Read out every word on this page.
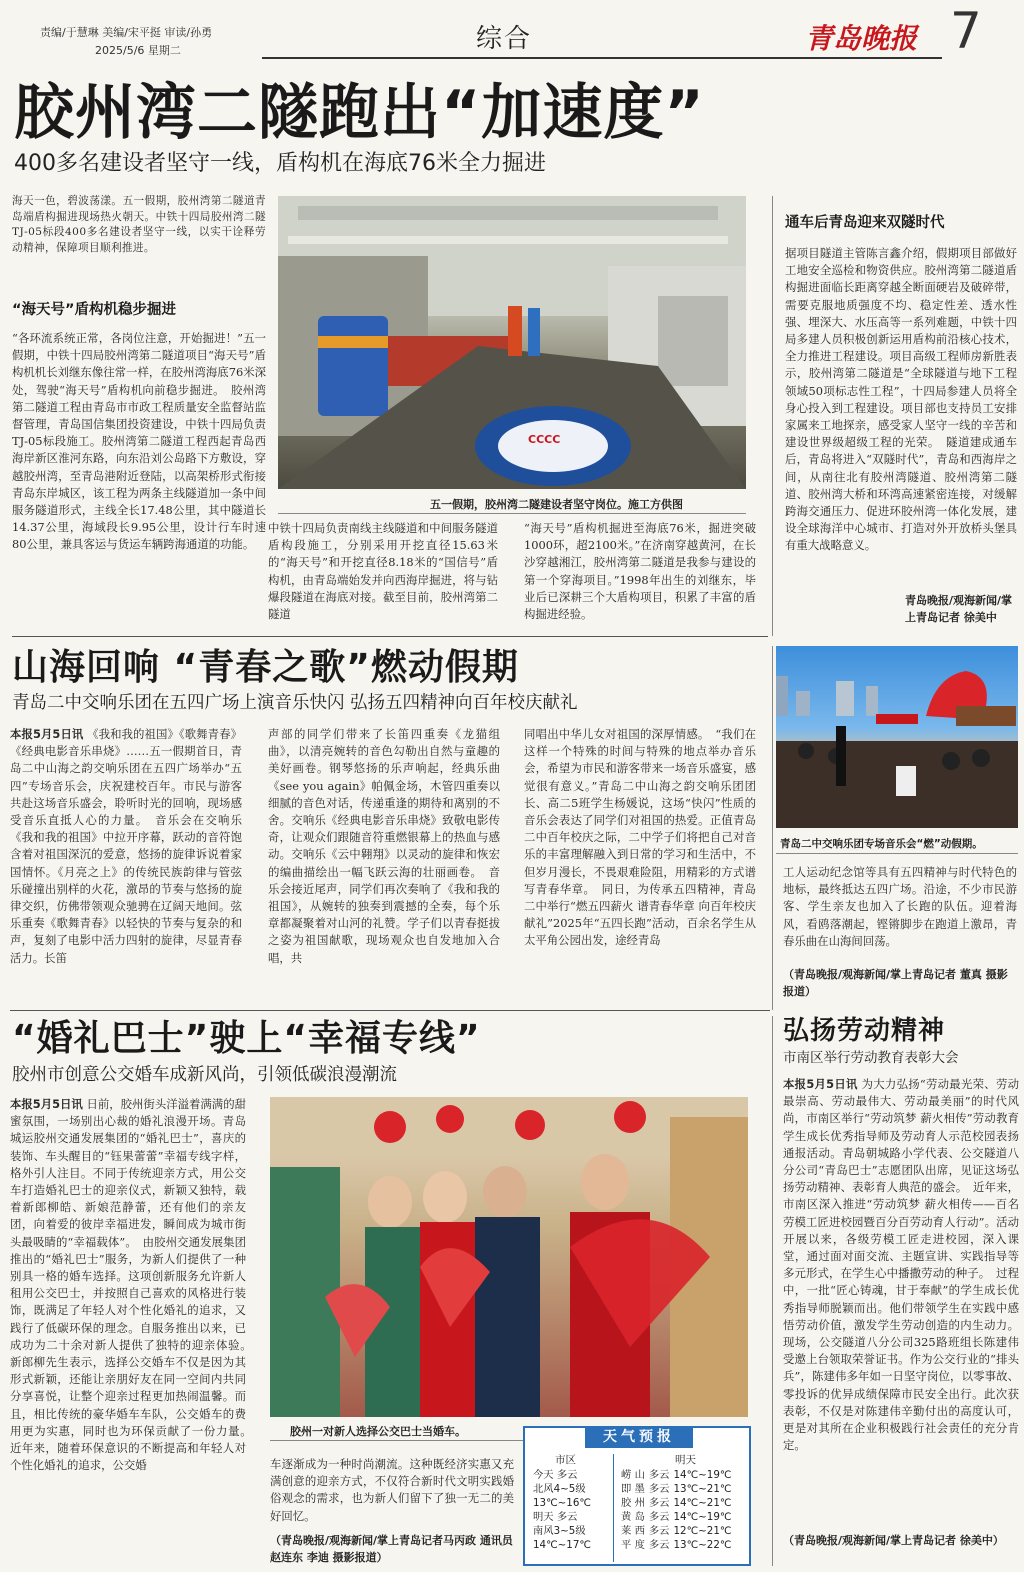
责编/于慧琳 美编/宋平挺 审读/孙勇
2025/5/6 星期二	综合	青岛晚报 7
胶州湾二隧跑出“加速度”
400多名建设者坚守一线，盾构机在海底76米全力掘进
海天一色，碧波荡漾。五一假期，胶州湾第二隧道青岛端盾构掘进现场热火朝天。中铁十四局胶州湾二隧TJ-05标段400多名建设者坚守一线，以实干诠释劳动精神，保障项目顺利推进。
“海天号”盾构机稳步掘进
“各环流系统正常，各岗位注意，开始掘进！”五一假期，中铁十四局胶州湾第二隧道项目“海天号”盾构机机长刘继东像往常一样，在胶州湾海底76米深处，驾驶“海天号”盾构机向前稳步掘进。　胶州湾第二隧道工程由青岛市市政工程质量安全监督站监督管理，青岛国信集团投资建设，中铁十四局负责TJ-05标段施工。胶州湾第二隧道工程西起青岛西海岸新区淮河东路，向东沿刘公岛路下方敷设，穿越胶州湾，至青岛港附近登陆，以高架桥形式衔接青岛东岸城区，该工程为两条主线隧道加一条中间服务隧道形式，主线全长17.48公里，其中隧道长14.37公里，海域段长9.95公里，设计行车时速80公里，兼具客运与货运车辆跨海通道的功能。
CCCC
五一假期，胶州湾二隧建设者坚守岗位。施工方供图
中铁十四局负责南线主线隧道和中间服务隧道盾构段施工，分别采用开挖直径15.63米的“海天号”和开挖直径8.18米的“国信号”盾构机，由青岛端始发并向西海岸掘进，将与钻爆段隧道在海底对接。截至目前，胶州湾第二隧道
“海天号”盾构机掘进至海底76米，掘进突破1000环，超2100米。”在济南穿越黄河，在长沙穿越湘江，胶州湾第二隧道是我参与建设的第一个穿海项目。”1998年出生的刘继东，毕业后已深耕三个大盾构项目，积累了丰富的盾构掘进经验。
通车后青岛迎来双隧时代
据项目隧道主管陈言鑫介绍，假期项目部做好工地安全巡检和物资供应。胶州湾第二隧道盾构掘进面临长距离穿越全断面硬岩及破碎带，需要克服地质强度不均、稳定性差、透水性强、埋深大、水压高等一系列难题，中铁十四局多建人员积极创新运用盾构前沿核心技术，全力推进工程建设。项目高级工程师房新胜表示，胶州湾第二隧道是“全球隧道与地下工程领域50项标志性工程”，十四局参建人员将全身心投入到工程建设。项目部也支持员工安排家属来工地探亲，感受家人坚守一线的辛苦和建设世界级超级工程的光荣。　隧道建成通车后，青岛将进入“双隧时代”，青岛和西海岸之间，从南往北有胶州湾隧道、胶州湾第二隧道、胶州湾大桥和环湾高速紧密连接，对缓解跨海交通压力、促进环胶州湾一体化发展，建设全球海洋中心城市、打造对外开放桥头堡具有重大战略意义。
青岛晚报/观海新闻/掌上青岛记者 徐美中
山海回响 “青春之歌”燃动假期
青岛二中交响乐团在五四广场上演音乐快闪 弘扬五四精神向百年校庆献礼
本报5月5日讯 《我和我的祖国》《歌舞青春》《经典电影音乐串烧》……五一假期首日，青岛二中山海之韵交响乐团在五四广场举办“五四”专场音乐会，庆祝建校百年。市民与游客共赴这场音乐盛会，聆听时光的回响，现场感受音乐直抵人心的力量。　音乐会在交响乐《我和我的祖国》中拉开序幕，跃动的音符饱含着对祖国深沉的爱意，悠扬的旋律诉说着家国情怀。《月亮之上》的传统民族韵律与管弦乐碰撞出别样的火花，激昂的节奏与悠扬的旋律交织，仿佛带领观众驰骋在辽阔天地间。弦乐重奏《歌舞青春》以轻快的节奏与复杂的和声，复刻了电影中活力四射的旋律，尽显青春活力。长笛
声部的同学们带来了长笛四重奏《龙猫组曲》，以清亮婉转的音色勾勒出自然与童趣的美好画卷。钢琴悠扬的乐声响起，经典乐曲《see you again》帕佩金场，木管四重奏以细腻的音色对话，传递重逢的期待和离别的不舍。交响乐《经典电影音乐串烧》致敬电影传奇，让观众们跟随音符重燃银幕上的热血与感动。交响乐《云中翱翔》以灵动的旋律和恢宏的编曲描绘出一幅飞跃云海的壮丽画卷。　音乐会接近尾声，同学们再次奏响了《我和我的祖国》，从婉转的独奏到震撼的全奏，每个乐章都凝聚着对山河的礼赞。学子们以青春挺拔之姿为祖国献歌，现场观众也自发地加入合唱，共
同唱出中华儿女对祖国的深厚情感。　“我们在这样一个特殊的时间与特殊的地点举办音乐会，希望为市民和游客带来一场音乐盛宴，感觉很有意义。”青岛二中山海之韵交响乐团团长、高二5班学生杨媛说，这场“快闪”性质的音乐会表达了同学们对祖国的热爱。正值青岛二中百年校庆之际，二中学子们将把自己对音乐的丰富理解融入到日常的学习和生活中，不但岁月漫长，不畏艰难险阻，用精彩的方式谱写青春华章。　同日，为传承五四精神，青岛二中举行“燃五四薪火 谱青春华章 向百年校庆献礼”2025年“五四长跑”活动，百余名学生从太平角公园出发，途经青岛
青岛二中交响乐团专场音乐会“燃”动假期。
工人运动纪念馆等具有五四精神与时代特色的地标，最终抵达五四广场。沿途，不少市民游客、学生亲友也加入了长跑的队伍。迎着海风，看鸥落潮起，铿锵脚步在跑道上激昂，青春乐曲在山海间回荡。
（青岛晚报/观海新闻/掌上青岛记者 董真 摄影报道）
“婚礼巴士”驶上“幸福专线”
胶州市创意公交婚车成新风尚，引领低碳浪漫潮流
本报5月5日讯 日前，胶州街头洋溢着满满的甜蜜氛围，一场别出心裁的婚礼浪漫开场。青岛城运胶州交通发展集团的“婚礼巴士”，喜庆的装饰、车头醒目的“钰果蕾蕾”幸福专线字样，格外引人注目。不同于传统迎亲方式，用公交车打造婚礼巴士的迎亲仪式，新颖又独特，载着新郎柳皓、新娘范静蕾，还有他们的亲友团，向着爱的彼岸幸福进发，瞬间成为城市街头最吸睛的“幸福载体”。　由胶州交通发展集团推出的“婚礼巴士”服务，为新人们提供了一种别具一格的婚车选择。这项创新服务允许新人租用公交巴士，并按照自己喜欢的风格进行装饰，既满足了年轻人对个性化婚礼的追求，又践行了低碳环保的理念。自服务推出以来，已成功为二十余对新人提供了独特的迎亲体验。　新郎柳先生表示，选择公交婚车不仅是因为其形式新颖，还能让亲朋好友在同一空间内共同分享喜悦，让整个迎亲过程更加热闹温馨。而且，相比传统的豪华婚车车队，公交婚车的费用更为实惠，同时也为环保贡献了一份力量。　近年来，随着环保意识的不断提高和年轻人对个性化婚礼的追求，公交婚
胶州一对新人选择公交巴士当婚车。
车逐渐成为一种时尚潮流。这种既经济实惠又充满创意的迎亲方式，不仅符合新时代文明实践婚俗观念的需求，也为新人们留下了独一无二的美好回忆。
（青岛晚报/观海新闻/掌上青岛记者马丙政 通讯员 赵连东 李迪 摄影报道）
天气预报
市区	明天
今天 多云
北风4~5级
13℃~16℃
明天 多云
南风3~5级
14℃~17℃
崂 山	多云	14℃~19℃
即 墨	多云	13℃~21℃
胶 州	多云	14℃~21℃
黄 岛	多云	14℃~19℃
莱 西	多云	12℃~21℃
平 度	多云	13℃~22℃
弘扬劳动精神
市南区举行劳动教育表彰大会
本报5月5日讯 为大力弘扬“劳动最光荣、劳动最崇高、劳动最伟大、劳动最美丽”的时代风尚，市南区举行“劳动筑梦 薪火相传”劳动教育学生成长优秀指导师及劳动育人示范校园表扬通报活动。青岛朝城路小学代表、公交隧道八分公司“青岛巴士”志愿团队出席，见证这场弘扬劳动精神、表彰育人典范的盛会。　近年来，市南区深入推进“劳动筑梦 薪火相传——百名劳模工匠进校园暨百分百劳动育人行动”。活动开展以来，各级劳模工匠走进校园，深入课堂，通过面对面交流、主题宣讲、实践指导等多元形式，在学生心中播撒劳动的种子。　过程中，一批“匠心铸魂，甘于奉献”的学生成长优秀指导师脱颖而出。他们带领学生在实践中感悟劳动价值，激发学生劳动创造的内生动力。现场，公交隧道八分公司325路班组长陈建伟受邀上台领取荣誉证书。作为公交行业的“排头兵”，陈建伟多年如一日坚守岗位，以零事故、零投诉的优异成绩保障市民安全出行。此次获表彰，不仅是对陈建伟辛勤付出的高度认可，更是对其所在企业积极践行社会责任的充分肯定。
（青岛晚报/观海新闻/掌上青岛记者 徐美中）
